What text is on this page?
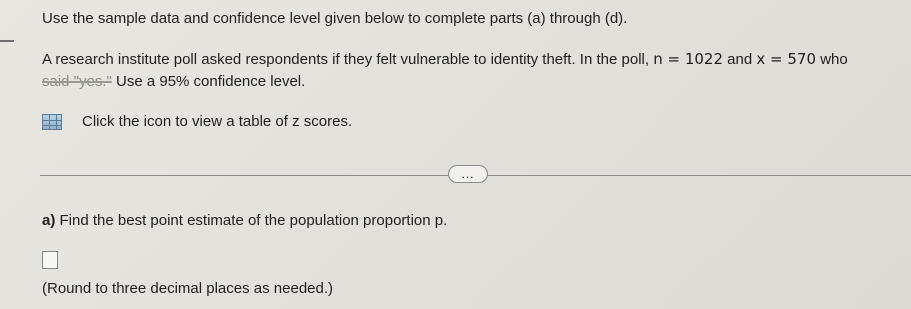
Use the sample data and confidence level given below to complete parts (a) through (d).
A research institute poll asked respondents if they felt vulnerable to identity theft. In the poll, n = 1022 and x = 570 who
said "yes." Use a 95% confidence level.
Click the icon to view a table of z scores.
...
a) Find the best point estimate of the population proportion p.
(Round to three decimal places as needed.)
